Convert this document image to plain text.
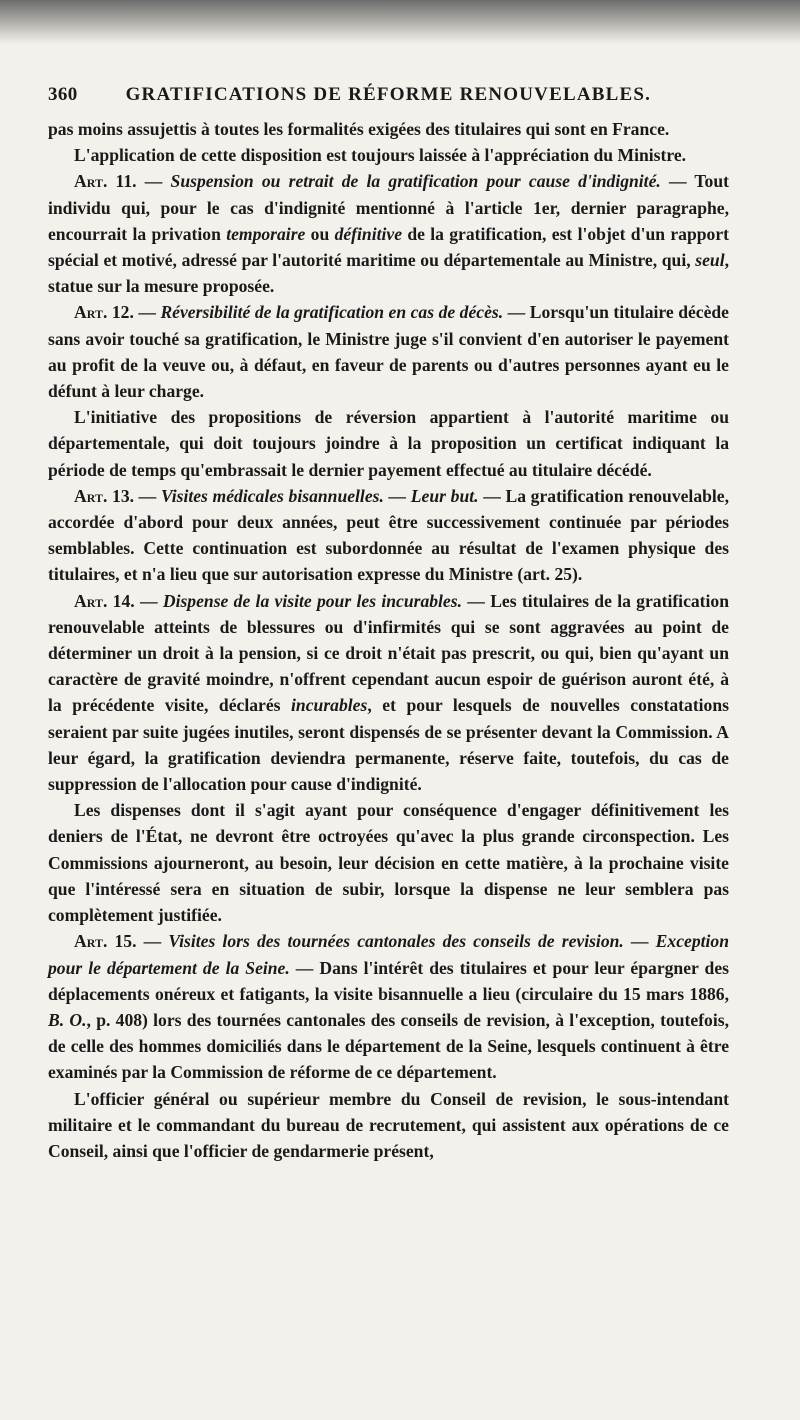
360	GRATIFICATIONS DE RÉFORME RENOUVELABLES.

pas moins assujettis à toutes les formalités exigées des titulaires qui sont en France.

L'application de cette disposition est toujours laissée à l'appréciation du Ministre.

Art. 11. — Suspension ou retrait de la gratification pour cause d'indignité. — Tout individu qui, pour le cas d'indignité mentionné à l'article 1er, dernier paragraphe, encourrait la privation temporaire ou définitive de la gratification, est l'objet d'un rapport spécial et motivé, adressé par l'autorité maritime ou départementale au Ministre, qui, seul, statue sur la mesure proposée.

Art. 12. — Réversibilité de la gratification en cas de décès. — Lorsqu'un titulaire décède sans avoir touché sa gratification, le Ministre juge s'il convient d'en autoriser le payement au profit de la veuve ou, à défaut, en faveur de parents ou d'autres personnes ayant eu le défunt à leur charge.

L'initiative des propositions de réversion appartient à l'autorité maritime ou départementale, qui doit toujours joindre à la proposition un certificat indiquant la période de temps qu'embrassait le dernier payement effectué au titulaire décédé.

Art. 13. — Visites médicales bisannuelles. — Leur but. — La gratification renouvelable, accordée d'abord pour deux années, peut être successivement continuée par périodes semblables. Cette continuation est subordonnée au résultat de l'examen physique des titulaires, et n'a lieu que sur autorisation expresse du Ministre (art. 25).

Art. 14. — Dispense de la visite pour les incurables. — Les titulaires de la gratification renouvelable atteints de blessures ou d'infirmités qui se sont aggravées au point de déterminer un droit à la pension, si ce droit n'était pas prescrit, ou qui, bien qu'ayant un caractère de gravité moindre, n'offrent cependant aucun espoir de guérison auront été, à la précédente visite, déclarés incurables, et pour lesquels de nouvelles constatations seraient par suite jugées inutiles, seront dispensés de se présenter devant la Commission. A leur égard, la gratification deviendra permanente, réserve faite, toutefois, du cas de suppression de l'allocation pour cause d'indignité.

Les dispenses dont il s'agit ayant pour conséquence d'engager définitivement les deniers de l'État, ne devront être octroyées qu'avec la plus grande circonspection. Les Commissions ajourneront, au besoin, leur décision en cette matière, à la prochaine visite que l'intéressé sera en situation de subir, lorsque la dispense ne leur semblera pas complètement justifiée.

Art. 15. — Visites lors des tournées cantonales des conseils de revision. — Exception pour le département de la Seine. — Dans l'intérêt des titulaires et pour leur épargner des déplacements onéreux et fatigants, la visite bisannuelle a lieu (circulaire du 15 mars 1886, B. O., p. 408) lors des tournées cantonales des conseils de revision, à l'exception, toutefois, de celle des hommes domiciliés dans le département de la Seine, lesquels continuent à être examinés par la Commission de réforme de ce département.

L'officier général ou supérieur membre du Conseil de revision, le sous-intendant militaire et le commandant du bureau de recrutement, qui assistent aux opérations de ce Conseil, ainsi que l'officier de gendarmerie présent,
